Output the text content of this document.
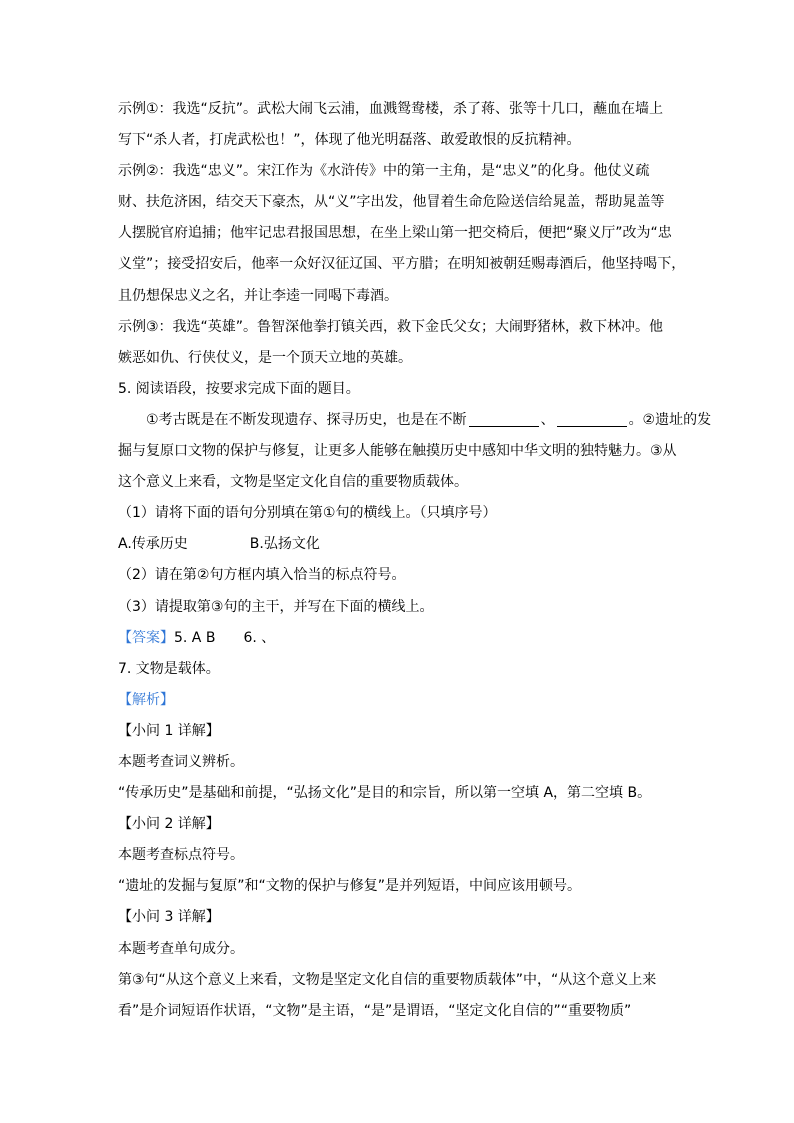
示例①：我选“反抗”。武松大闹飞云浦，血溅鸳鸯楼，杀了蒋、张等十几口，蘸血在墙上
写下“杀人者，打虎武松也！”，体现了他光明磊落、敢爱敢恨的反抗精神。
示例②：我选“忠义”。宋江作为《水浒传》中的第一主角，是“忠义”的化身。他仗义疏
财、扶危济困，结交天下豪杰，从“义”字出发，他冒着生命危险送信给晁盖，帮助晁盖等
人摆脱官府追捕；他牢记忠君报国思想，在坐上梁山第一把交椅后，便把“聚义厅”改为“忠
义堂”；接受招安后，他率一众好汉征辽国、平方腊；在明知被朝廷赐毒酒后，他坚持喝下，
且仍想保忠义之名，并让李逵一同喝下毒酒。
示例③：我选“英雄”。鲁智深他拳打镇关西，救下金氏父女；大闹野猪林，救下林冲。他
嫉恶如仇、行侠仗义，是一个顶天立地的英雄。
5. 阅读语段，按要求完成下面的题目。
①考古既是在不断发现遗存、探寻历史，也是在不断	、	。②遗址的发
掘与复原口文物的保护与修复，让更多人能够在触摸历史中感知中华文明的独特魅力。③从
这个意义上来看，文物是坚定文化自信的重要物质载体。
（1）请将下面的语句分别填在第①句的横线上。（只填序号）
A.传承历史	B.弘扬文化
（2）请在第②句方框内填入恰当的标点符号。
（3）请提取第③句的主干，并写在下面的横线上。
【答案】5. A B 6. 、
7. 文物是载体。
【解析】
【小问 1 详解】
本题考查词义辨析。
“传承历史”是基础和前提，“弘扬文化”是目的和宗旨，所以第一空填 A，第二空填 B。
【小问 2 详解】
本题考查标点符号。
“遗址的发掘与复原”和“文物的保护与修复”是并列短语，中间应该用顿号。
【小问 3 详解】
本题考查单句成分。
第③句“从这个意义上来看，文物是坚定文化自信的重要物质载体”中，“从这个意义上来
看”是介词短语作状语，“文物”是主语，“是”是谓语，“坚定文化自信的”“重要物质”
